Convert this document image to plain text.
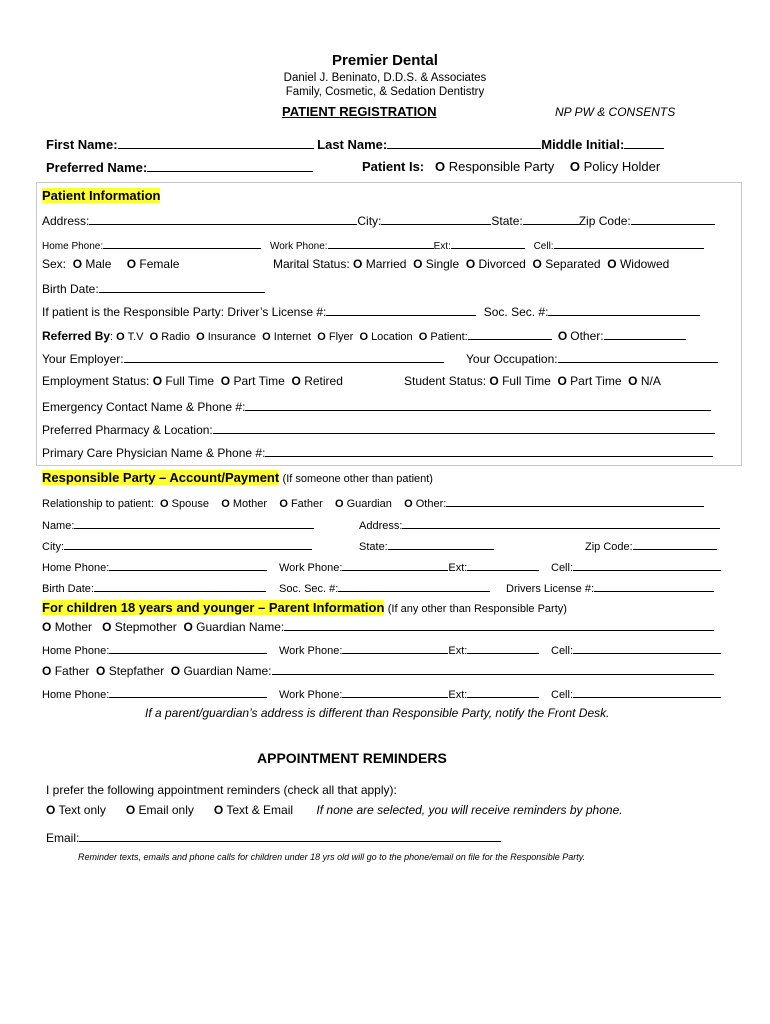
Premier Dental
Daniel J. Beninato, D.D.S. & Associates
Family, Cosmetic, & Sedation Dentistry
PATIENT REGISTRATION	NP PW & CONSENTS
First Name:	Last Name:	Middle Initial:
Preferred Name:	Patient Is: O Responsible Party O Policy Holder
Patient Information
Address:	City:	State:	Zip Code:
Home Phone:	Work Phone:	Ext:	Cell:
Sex: O Male O Female	Marital Status: O Married O Single O Divorced O Separated O Widowed
Birth Date:
If patient is the Responsible Party: Driver’s License #:	Soc. Sec. #:
Referred By: O T.V O Radio O Insurance O Internet O Flyer O Location O Patient:	O Other:
Your Employer:	Your Occupation:
Employment Status: O Full Time O Part Time O Retired	Student Status: O Full Time O Part Time O N/A
Emergency Contact Name & Phone #:
Preferred Pharmacy & Location:
Primary Care Physician Name & Phone #:
Responsible Party – Account/Payment (If someone other than patient)
Relationship to patient: O Spouse O Mother O Father O Guardian O Other:
Name:	Address:
City:	State:	Zip Code:
Home Phone:	Work Phone:	Ext:	Cell:
Birth Date:	Soc. Sec. #:	Drivers License #:
For children 18 years and younger – Parent Information (If any other than Responsible Party)
O Mother O Stepmother O Guardian Name:
Home Phone:	Work Phone:	Ext:	Cell:
O Father O Stepfather O Guardian Name:
Home Phone:	Work Phone:	Ext:	Cell:
If a parent/guardian’s address is different than Responsible Party, notify the Front Desk.
APPOINTMENT REMINDERS
I prefer the following appointment reminders (check all that apply):
O Text only O Email only O Text & Email If none are selected, you will receive reminders by phone.
Email:
Reminder texts, emails and phone calls for children under 18 yrs old will go to the phone/email on file for the Responsible Party.
